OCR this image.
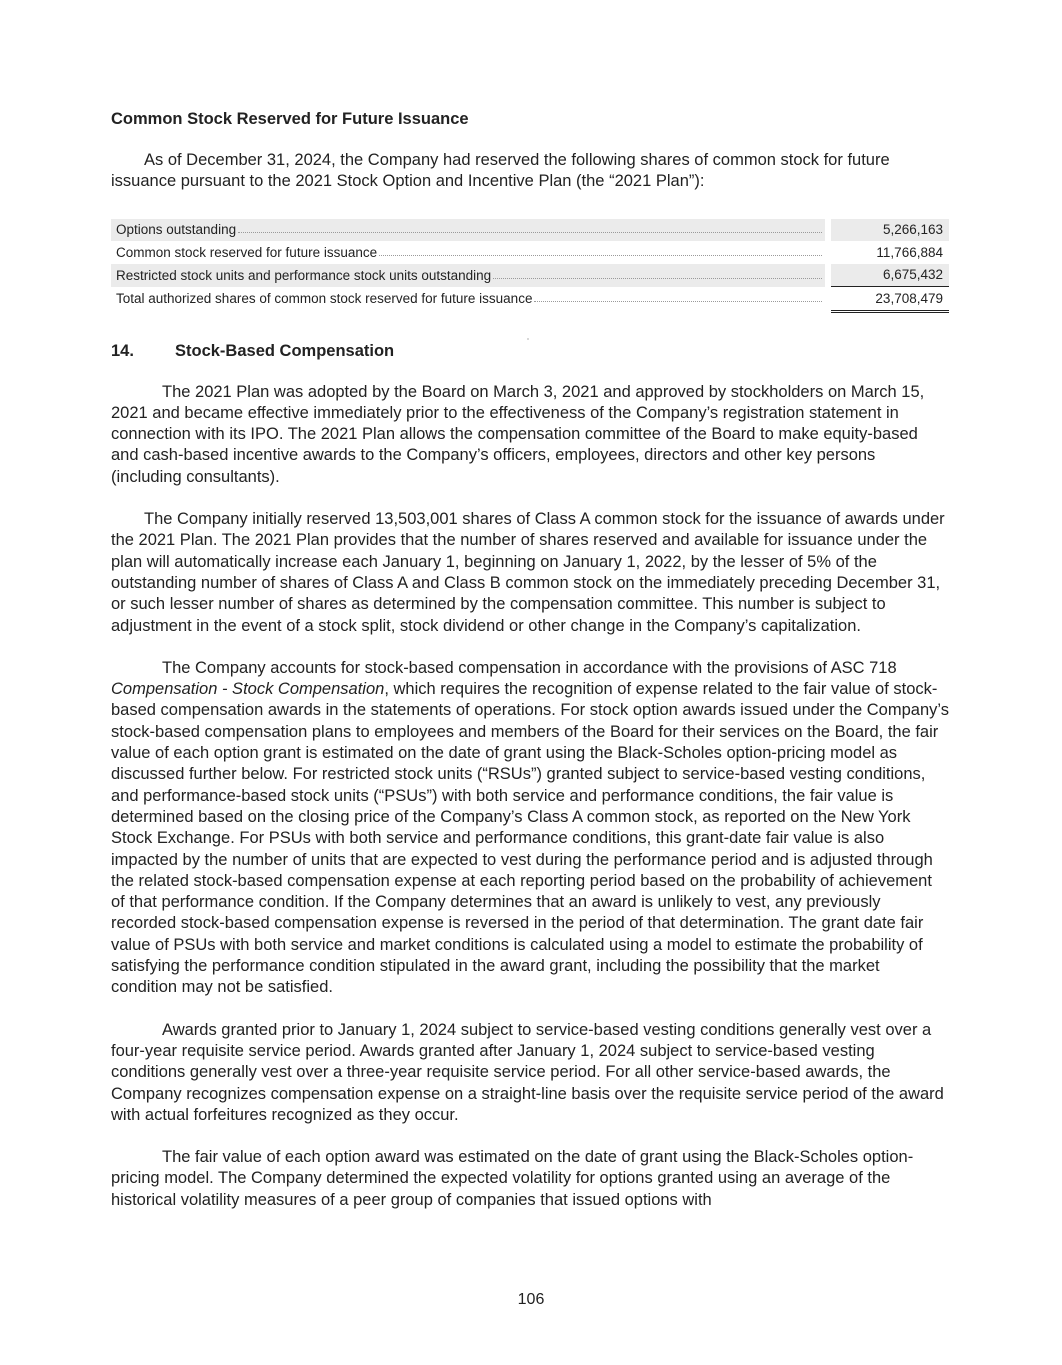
Common Stock Reserved for Future Issuance

As of December 31, 2024, the Company had reserved the following shares of common stock for future issuance pursuant to the 2021 Stock Option and Incentive Plan (the “2021 Plan”):

Options outstanding		5,266,163

Common stock reserved for future issuance		11,766,884

Restricted stock units and performance stock units outstanding		6,675,432

Total authorized shares of common stock reserved for future issuance		23,708,479
14.	Stock-Based Compensation

The 2021 Plan was adopted by the Board on March 3, 2021 and approved by stockholders on March 15, 2021 and became effective immediately prior to the effectiveness of the Company’s registration statement in connection with its IPO. The 2021 Plan allows the compensation committee of the Board to make equity-based and cash-based incentive awards to the Company’s officers, employees, directors and other key persons (including consultants).

The Company initially reserved 13,503,001 shares of Class A common stock for the issuance of awards under the 2021 Plan. The 2021 Plan provides that the number of shares reserved and available for issuance under the plan will automatically increase each January 1, beginning on January 1, 2022, by the lesser of 5% of the outstanding number of shares of Class A and Class B common stock on the immediately preceding December 31, or such lesser number of shares as determined by the compensation committee. This number is subject to adjustment in the event of a stock split, stock dividend or other change in the Company’s capitalization.

The Company accounts for stock-based compensation in accordance with the provisions of ASC 718 Compensation - Stock Compensation, which requires the recognition of expense related to the fair value of stock-based compensation awards in the statements of operations. For stock option awards issued under the Company’s stock-based compensation plans to employees and members of the Board for their services on the Board, the fair value of each option grant is estimated on the date of grant using the Black-Scholes option-pricing model as discussed further below. For restricted stock units (“RSUs”) granted subject to service-based vesting conditions, and performance-based stock units (“PSUs”) with both service and performance conditions, the fair value is determined based on the closing price of the Company’s Class A common stock, as reported on the New York Stock Exchange. For PSUs with both service and performance conditions, this grant-date fair value is also impacted by the number of units that are expected to vest during the performance period and is adjusted through the related stock-based compensation expense at each reporting period based on the probability of achievement of that performance condition. If the Company determines that an award is unlikely to vest, any previously recorded stock-based compensation expense is reversed in the period of that determination. The grant date fair value of PSUs with both service and market conditions is calculated using a model to estimate the probability of satisfying the performance condition stipulated in the award grant, including the possibility that the market condition may not be satisfied.

Awards granted prior to January 1, 2024 subject to service-based vesting conditions generally vest over a four-year requisite service period. Awards granted after January 1, 2024 subject to service-based vesting conditions generally vest over a three-year requisite service period. For all other service-based awards, the Company recognizes compensation expense on a straight-line basis over the requisite service period of the award with actual forfeitures recognized as they occur.

The fair value of each option award was estimated on the date of grant using the Black-Scholes option-pricing model. The Company determined the expected volatility for options granted using an average of the historical volatility measures of a peer group of companies that issued options with

106
